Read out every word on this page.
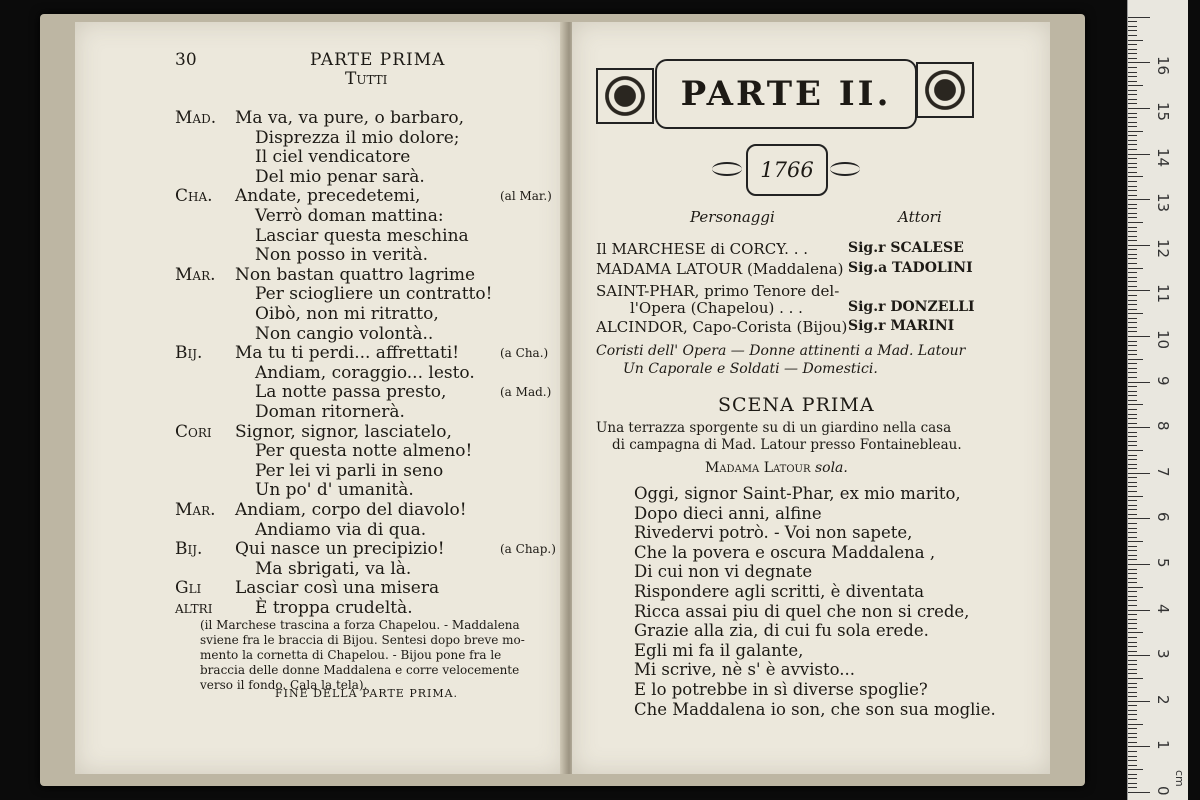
30	PARTE PRIMA
Tutti
Mad. Ma va, va pure, o barbaro,
Disprezza il mio dolore;
Il ciel vendicatore
Del mio penar sarà.
Cha. Andate, precedetemi,	(al Mar.)
Verrò doman mattina:
Lasciar questa meschina
Non posso in verità.
Mar. Non bastan quattro lagrime
Per sciogliere un contratto!
Oibò, non mi ritratto,
Non cangio volontà..
Bij. Ma tu ti perdi... affrettati!	(a Cha.)
Andiam, coraggio... lesto.
La notte passa presto,	(a Mad.)
Doman ritornerà.
Cori Signor, signor, lasciatelo,
Per questa notte almeno!
Per lei vi parli in seno
Un po' d' umanità.
Mar. Andiam, corpo del diavolo!
Andiamo via di qua.
Bij. Qui nasce un precipizio!	(a Chap.)
Ma sbrigati, va là.
Gli Lasciar così una misera
altri	È troppa crudeltà.
(il Marchese trascina a forza Chapelou. - Maddalena
sviene fra le braccia di Bijou. Sentesi dopo breve mo-
mento la cornetta di Chapelou. - Bijou pone fra le
braccia delle donne Maddalena e corre velocemente
verso il fondo. Cala la tela).
FINE DELLA PARTE PRIMA.
PARTE II.
1766
Personaggi	Attori
Il MARCHESE di CORCY. . .	Sig.r SCALESE
MADAMA LATOUR (Maddalena) Sig.a TADOLINI
SAINT-PHAR, primo Tenore del-
l'Opera (Chapelou) . . .	Sig.r DONZELLI
ALCINDOR, Capo-Corista (Bijou) Sig.r MARINI
Coristi dell' Opera — Donne attinenti a Mad. Latour
Un Caporale e Soldati — Domestici.
SCENA PRIMA
Una terrazza sporgente su di un giardino nella casa
di campagna di Mad. Latour presso Fontainebleau.
Madama Latour sola.
Oggi, signor Saint-Phar, ex mio marito,
Dopo dieci anni, alfine
Rivedervi potrò. - Voi non sapete,
Che la povera e oscura Maddalena ,
Di cui non vi degnate
Rispondere agli scritti, è diventata
Ricca assai piu di quel che non si crede,
Grazie alla zia, di cui fu sola erede.
Egli mi fa il galante,
Mi scrive, nè s' è avvisto...
E lo potrebbe in sì diverse spoglie?
Che Maddalena io son, che son sua moglie.
0
1
2
3
4
5
6
7
8
9
10
11
12
13
14
15
16
cm
